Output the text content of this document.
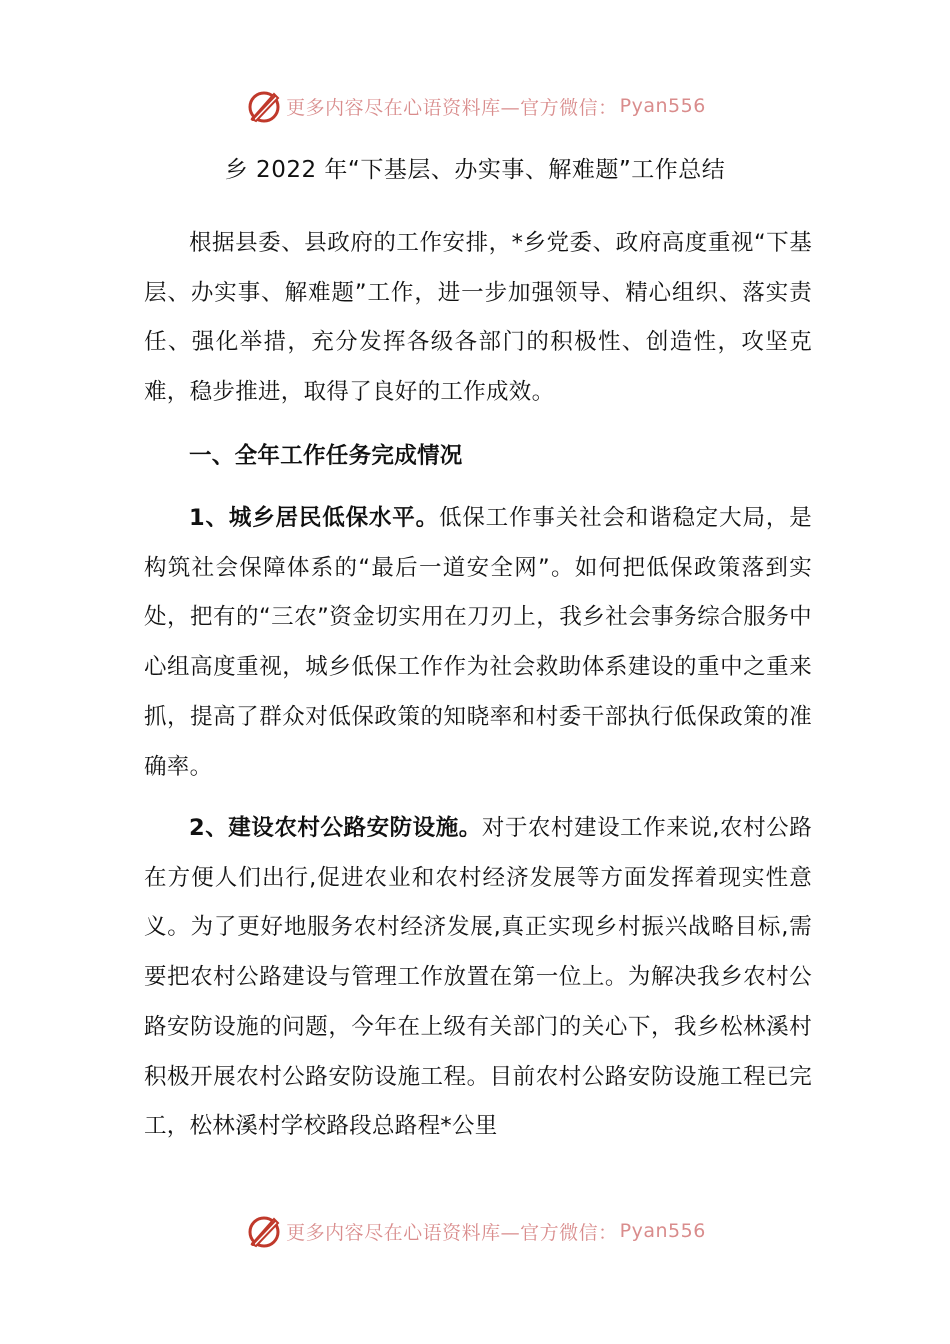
更多内容尽在心语资料库—官方微信： Pyan556
乡 2022 年“下基层、办实事、解难题”工作总结

根据县委、县政府的工作安排，*乡党委、政府高度重视“下基层、办实事、解难题”工作，进一步加强领导、精心组织、落实责任、强化举措，充分发挥各级各部门的积极性、创造性，攻坚克难，稳步推进，取得了良好的工作成效。

一、全年工作任务完成情况

1、城乡居民低保水平。低保工作事关社会和谐稳定大局，是构筑社会保障体系的“最后一道安全网”。如何把低保政策落到实处，把有的“三农”资金切实用在刀刃上，我乡社会事务综合服务中心组高度重视，城乡低保工作作为社会救助体系建设的重中之重来抓，提高了群众对低保政策的知晓率和村委干部执行低保政策的准确率。

2、建设农村公路安防设施。对于农村建设工作来说,农村公路在方便人们出行,促进农业和农村经济发展等方面发挥着现实性意义。为了更好地服务农村经济发展,真正实现乡村振兴战略目标,需要把农村公路建设与管理工作放置在第一位上。为解决我乡农村公路安防设施的问题，今年在上级有关部门的关心下，我乡松林溪村积极开展农村公路安防设施工程。目前农村公路安防设施工程已完工，松林溪村学校路段总路程*公里

更多内容尽在心语资料库—官方微信： Pyan556
